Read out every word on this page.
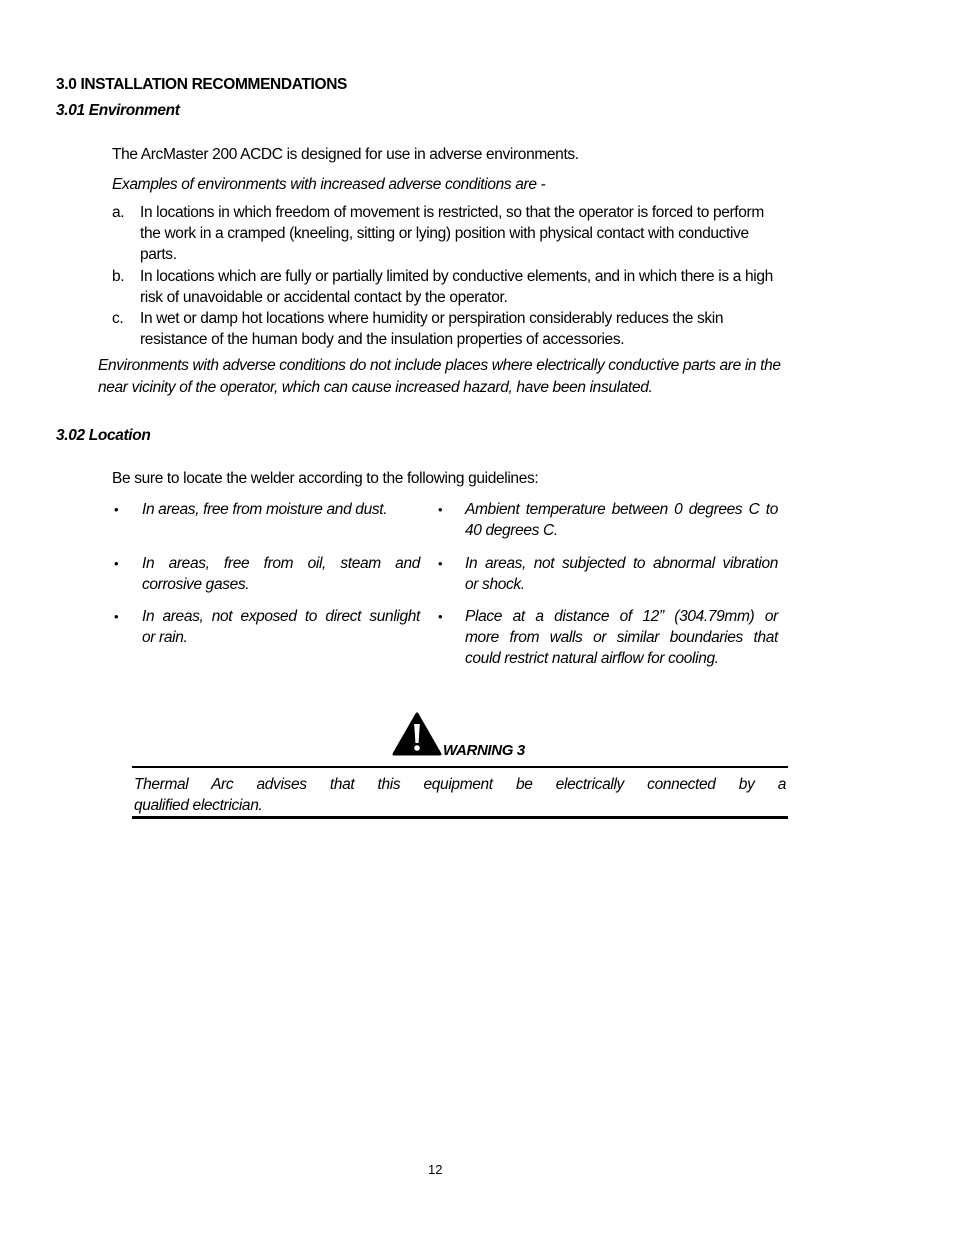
3.0 INSTALLATION RECOMMENDATIONS
3.01 Environment
The ArcMaster 200 ACDC is designed for use in adverse environments.
Examples of environments with increased adverse conditions are -
a. In locations in which freedom of movement is restricted, so that the operator is forced to perform
the work in a cramped (kneeling, sitting or lying) position with physical contact with conductive
parts.
b. In locations which are fully or partially limited by conductive elements, and in which there is a high
risk of unavoidable or accidental contact by the operator.
c. In wet or damp hot locations where humidity or perspiration considerably reduces the skin
resistance of the human body and the insulation properties of accessories.
Environments with adverse conditions do not include places where electrically conductive parts are in the
near vicinity of the operator, which can cause increased hazard, have been insulated.
3.02 Location
Be sure to locate the welder according to the following guidelines:
• In areas, free from moisture and dust.
• In areas, free from oil, steam and
corrosive gases.
• In areas, not exposed to direct sunlight
or rain.
• Ambient temperature between 0 degrees C to
40 degrees C.
• In areas, not subjected to abnormal vibration
or shock.
• Place at a distance of 12” (304.79mm) or
more from walls or similar boundaries that
could restrict natural airflow for cooling.
WARNING 3
Thermal Arc advises that this equipment be electrically connected by a
qualified electrician.
12
